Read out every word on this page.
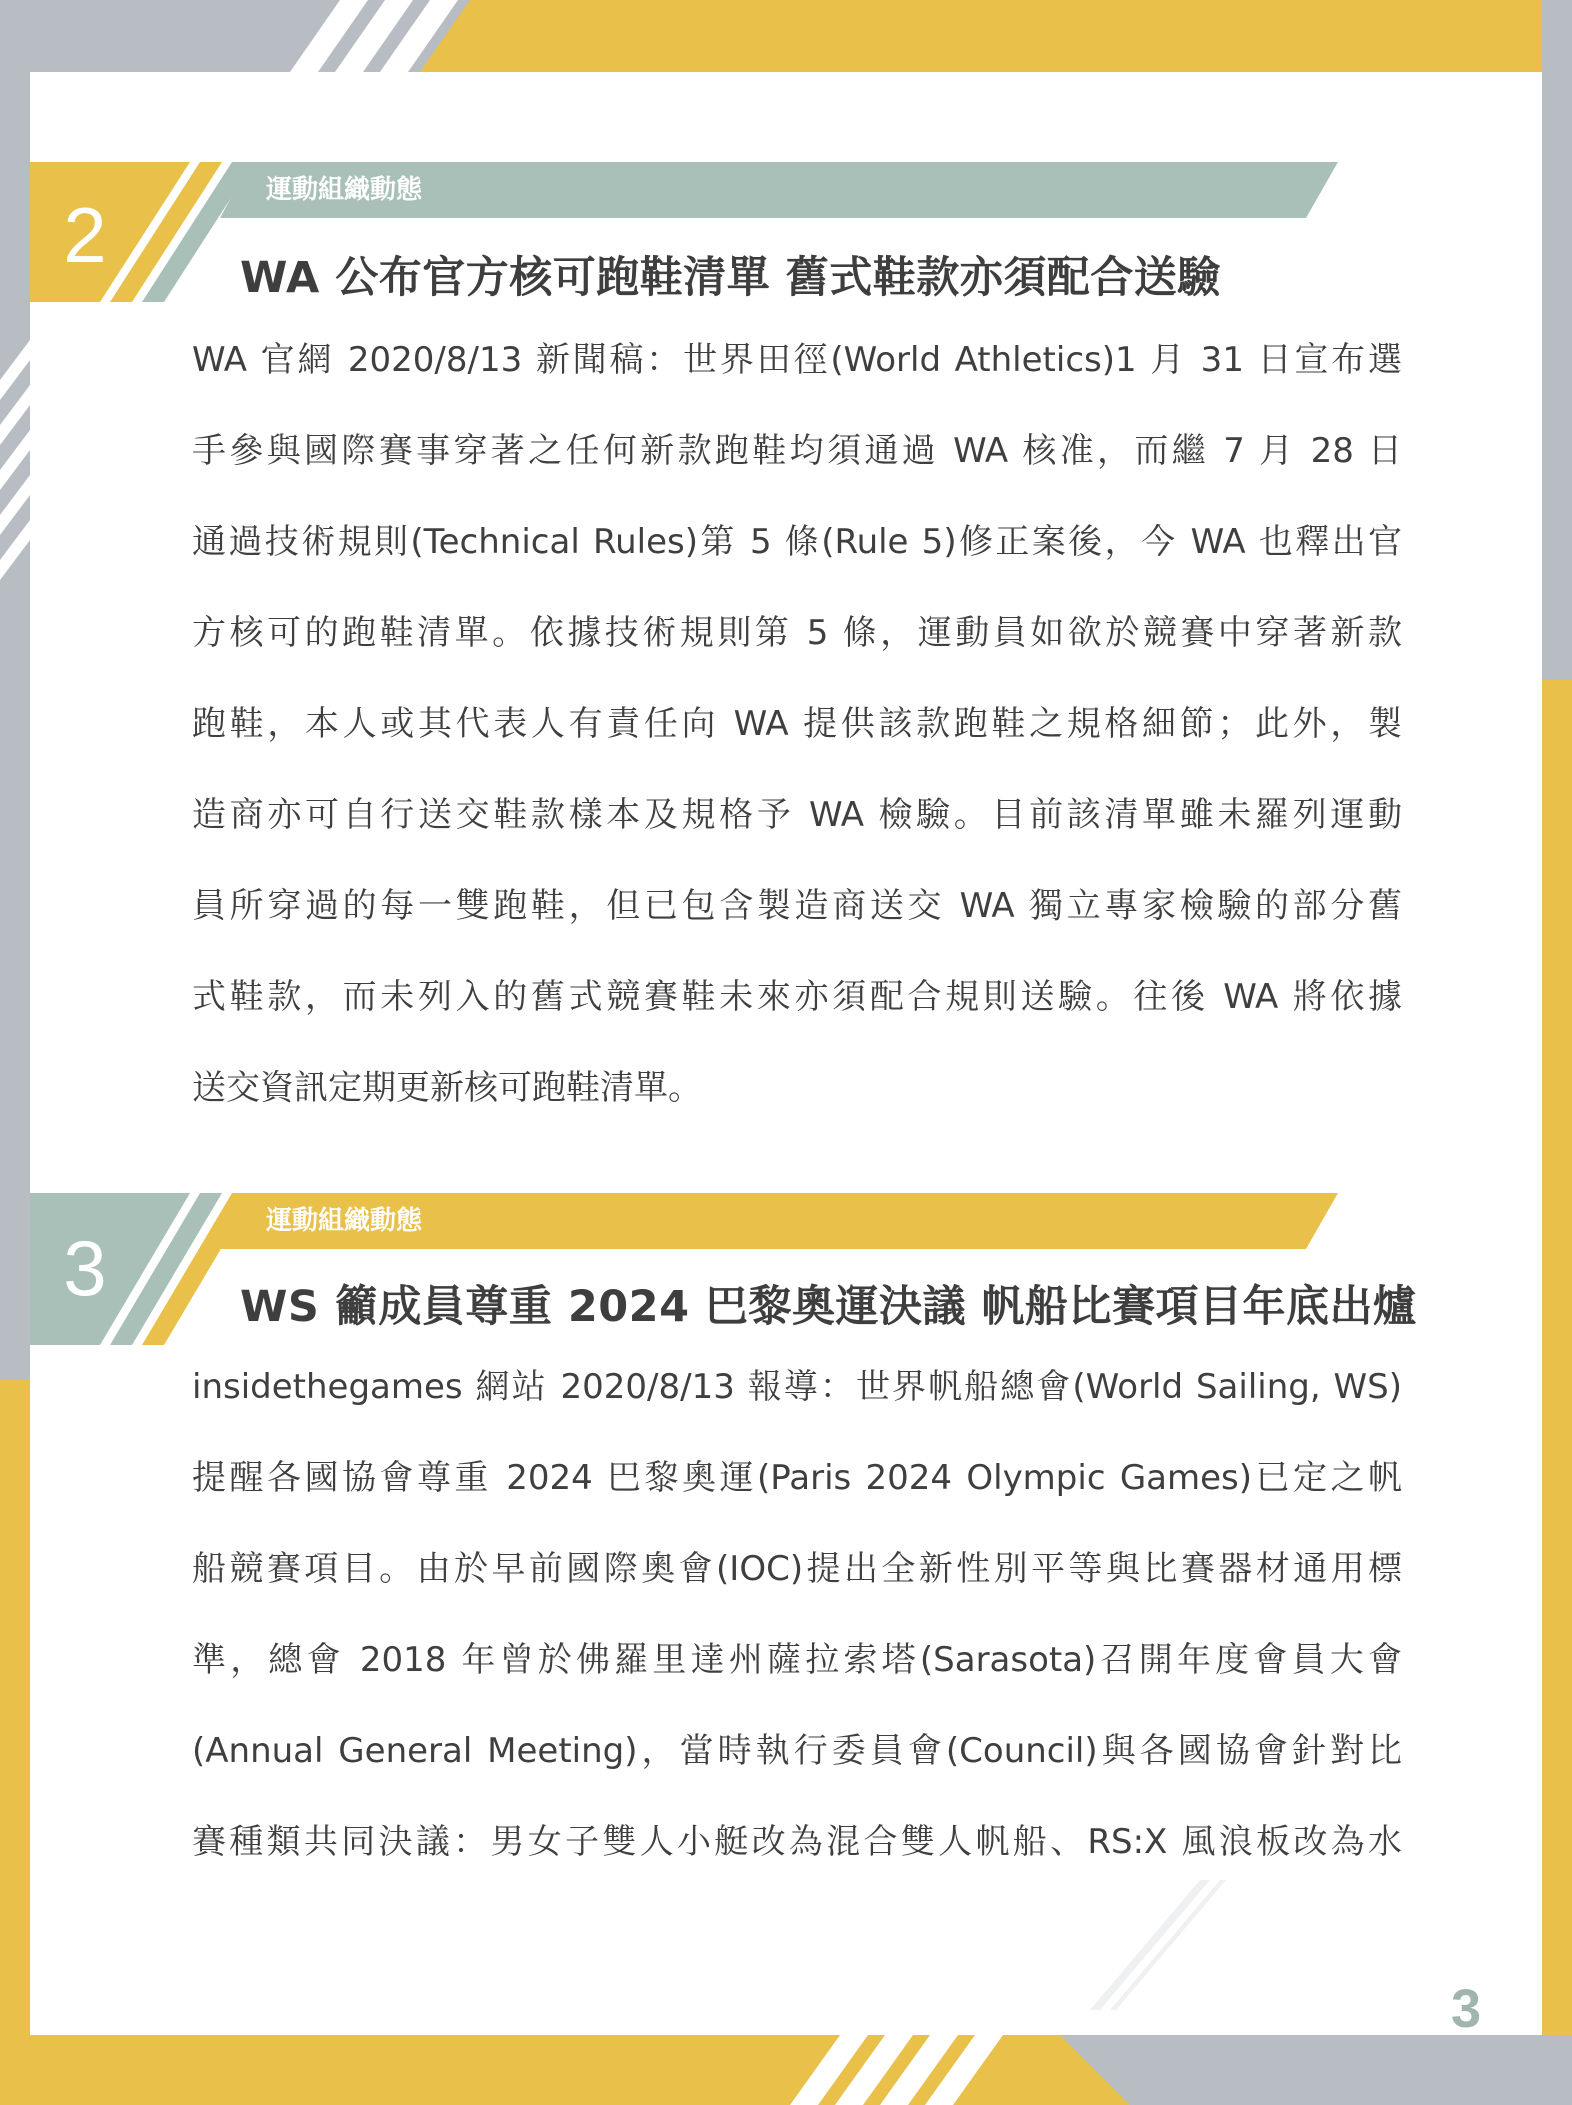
2
運動組織動態
WA 公布官方核可跑鞋清單 舊式鞋款亦須配合送驗
WA 官網 2020/8/13 新聞稿：世界田徑(World Athletics)1 月 31 日宣布選
手參與國際賽事穿著之任何新款跑鞋均須通過 WA 核准，而繼 7 月 28 日
通過技術規則(Technical Rules)第 5 條(Rule 5)修正案後，今 WA 也釋出官
方核可的跑鞋清單。依據技術規則第 5 條，運動員如欲於競賽中穿著新款
跑鞋，本人或其代表人有責任向 WA 提供該款跑鞋之規格細節；此外，製
造商亦可自行送交鞋款樣本及規格予 WA 檢驗。目前該清單雖未羅列運動
員所穿過的每一雙跑鞋，但已包含製造商送交 WA 獨立專家檢驗的部分舊
式鞋款，而未列入的舊式競賽鞋未來亦須配合規則送驗。往後 WA 將依據
送交資訊定期更新核可跑鞋清單。
3
運動組織動態
WS 籲成員尊重 2024 巴黎奧運決議 帆船比賽項目年底出爐
insidethegames 網站 2020/8/13 報導：世界帆船總會(World Sailing, WS)
提醒各國協會尊重 2024 巴黎奧運(Paris 2024 Olympic Games)已定之帆
船競賽項目。由於早前國際奧會(IOC)提出全新性別平等與比賽器材通用標
準，總會 2018 年曾於佛羅里達州薩拉索塔(Sarasota)召開年度會員大會
(Annual General Meeting)，當時執行委員會(Council)與各國協會針對比
賽種類共同決議：男女子雙人小艇改為混合雙人帆船、RS:X 風浪板改為水
3
